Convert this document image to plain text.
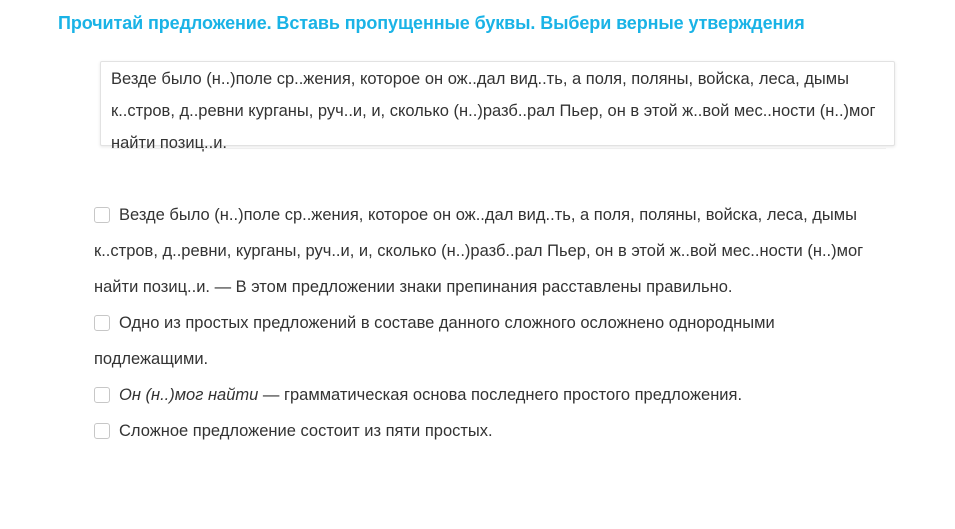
Прочитай предложение. Вставь пропущенные буквы. Выбери верные утверждения
Везде было (н..)поле ср..жения, которое он ож..дал вид..ть, а поля, поляны, войска, леса, дымы к..стров, д..ревни курганы, руч..и, и, сколько (н..)разб..рал Пьер, он в этой ж..вой мес..ности (н..)мог найти позиц..и.
Везде было (н..)поле ср..жения, которое он ож..дал вид..ть, а поля, поляны, войска, леса, дымы к..стров, д..ревни, курганы, руч..и, и, сколько (н..)разб..рал Пьер, он в этой ж..вой мес..ности (н..)мог найти позиц..и. — В этом предложении знаки препинания расставлены правильно.
Одно из простых предложений в составе данного сложного осложнено однородными подлежащими.
Он (н..)мог найти — грамматическая основа последнего простого предложения.
Сложное предложение состоит из пяти простых.
